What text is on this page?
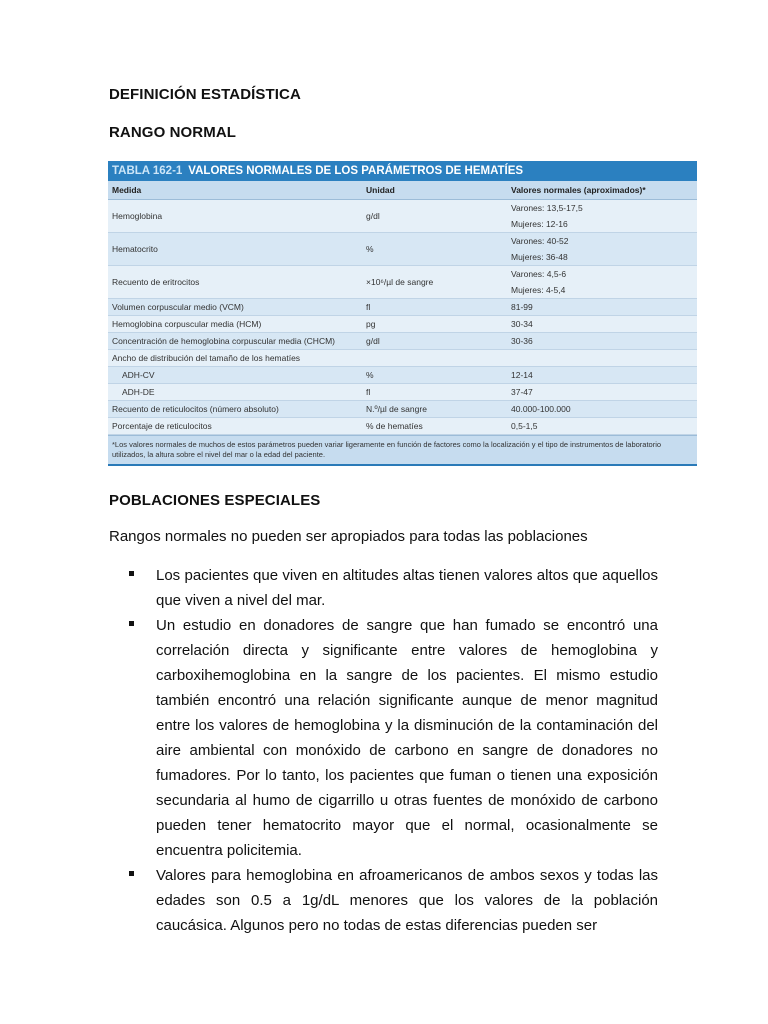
DEFINICIÓN ESTADÍSTICA
RANGO NORMAL
TABLA 162-1 VALORES NORMALES DE LOS PARÁMETROS DE HEMATÍES
Medida	Unidad	Valores normales (aproximados)*
Hemoglobina	g/dl	Varones: 13,5-17,5
Mujeres: 12-16

Hematocrito	%	Varones: 40-52
Mujeres: 36-48

Recuento de eritrocitos	×10⁶/µl de sangre	Varones: 4,5-6
Mujeres: 4-5,4

Volumen corpuscular medio (VCM)	fl	81-99
Hemoglobina corpuscular media (HCM)	pg	30-34
Concentración de hemoglobina corpuscular media (CHCM)	g/dl	30-36
Ancho de distribución del tamaño de los hematíes		
ADH-CV	%	12-14
ADH-DE	fl	37-47
Recuento de reticulocitos (número absoluto)	N.º/µl de sangre	40.000-100.000
Porcentaje de reticulocitos	% de hematíes	0,5-1,5
*Los valores normales de muchos de estos parámetros pueden variar ligeramente en función de factores como la localización y el tipo de instrumentos de laboratorio utilizados, la altura sobre el nivel del mar o la edad del paciente.
POBLACIONES ESPECIALES

Rangos normales no pueden ser apropiados para todas las poblaciones

Los pacientes que viven en altitudes altas tienen valores altos que aquellos que viven a nivel del mar.
Un estudio en donadores de sangre que han fumado se encontró una correlación directa y significante entre valores de hemoglobina y carboxihemoglobina en la sangre de los pacientes. El mismo estudio también encontró una relación significante aunque de menor magnitud entre los valores de hemoglobina y la disminución de la contaminación del aire ambiental con monóxido de carbono en sangre de donadores no fumadores. Por lo tanto, los pacientes que fuman o tienen una exposición secundaria al humo de cigarrillo u otras fuentes de monóxido de carbono pueden tener hematocrito mayor que el normal, ocasionalmente se encuentra policitemia.
Valores para hemoglobina en afroamericanos de ambos sexos y todas las edades son 0.5 a 1g/dL menores que los valores de la población caucásica. Algunos pero no todas de estas diferencias pueden ser
